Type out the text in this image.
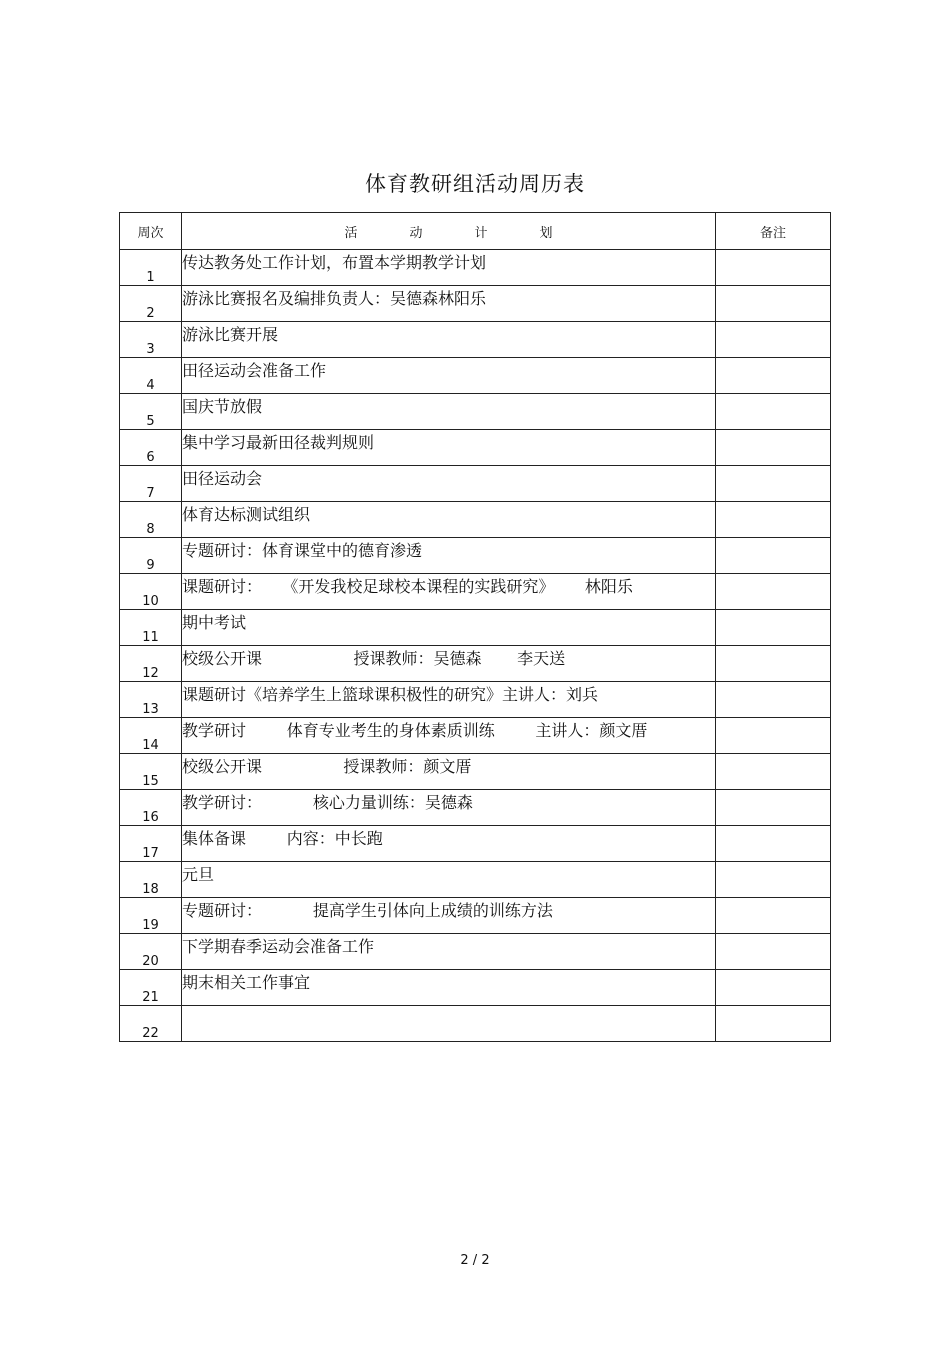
体育教研组活动周历表
周次	活 动 计 划	备注
1	传达教务处工作计划，布置本学期教学计划	
2	游泳比赛报名及编排负责人：吴德森林阳乐	
3	游泳比赛开展	
4	田径运动会准备工作	
5	国庆节放假	
6	集中学习最新田径裁判规则	
7	田径运动会	
8	体育达标测试组织	
9	专题研讨：体育课堂中的德育渗透	
10	课题研讨：    《开发我校足球校本课程的实践研究》      林阳乐	
11	期中考试	
12	校级公开课                  授课教师：吴德森       李天送	
13	课题研讨《培养学生上篮球课积极性的研究》主讲人：刘兵	
14	教学研讨        体育专业考生的身体素质训练        主讲人：颜文厝	
15	校级公开课                授课教师：颜文厝	
16	教学研讨：          核心力量训练：吴德森	
17	集体备课        内容：中长跑	
18	元旦	
19	专题研讨：          提高学生引体向上成绩的训练方法	
20	下学期春季运动会准备工作	
21	期末相关工作事宜	
22		
2 / 2
